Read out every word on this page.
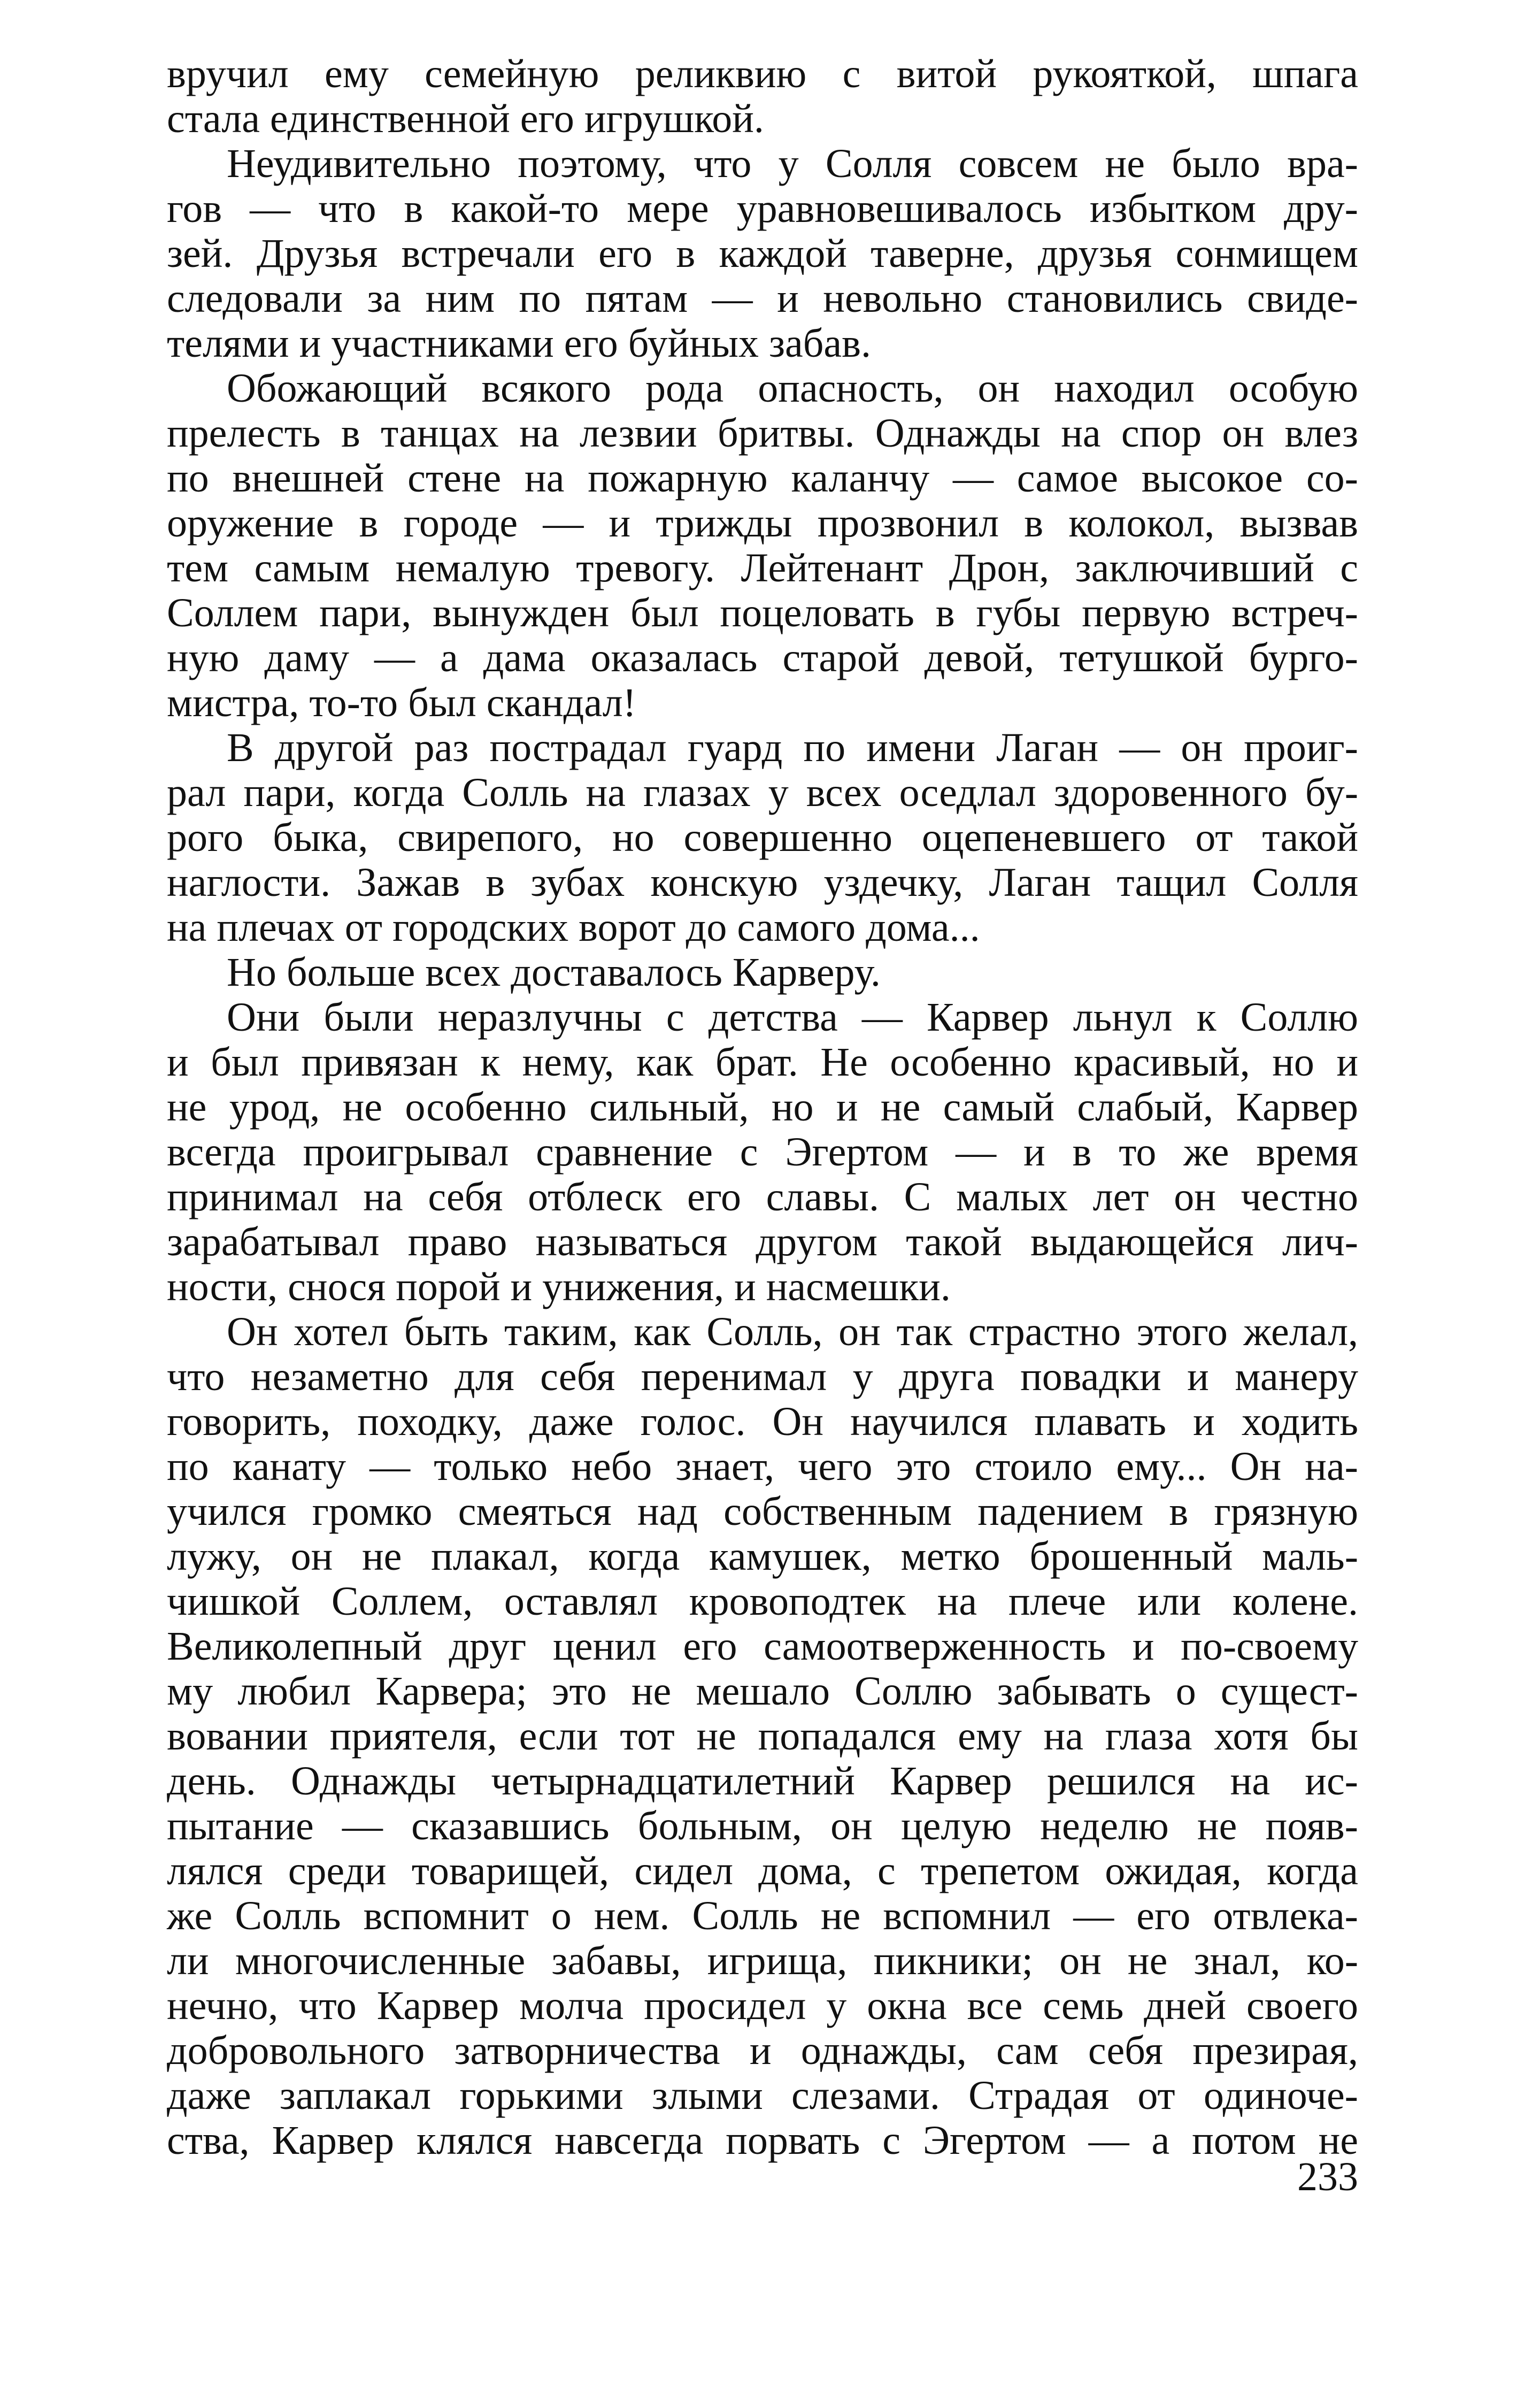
вручил ему семейную реликвию с витой рукояткой, шпага
стала единственной его игрушкой.
Неудивительно поэтому, что у Солля совсем не было вра-
гов — что в какой-то мере уравновешивалось избытком дру-
зей. Друзья встречали его в каждой таверне, друзья сонмищем
следовали за ним по пятам — и невольно становились свиде-
телями и участниками его буйных забав.
Обожающий всякого рода опасность, он находил особую
прелесть в танцах на лезвии бритвы. Однажды на спор он влез
по внешней стене на пожарную каланчу — самое высокое со-
оружение в городе — и трижды прозвонил в колокол, вызвав
тем самым немалую тревогу. Лейтенант Дрон, заключивший с
Соллем пари, вынужден был поцеловать в губы первую встреч-
ную даму — а дама оказалась старой девой, тетушкой бурго-
мистра, то-то был скандал!
В другой раз пострадал гуард по имени Лаган — он проиг-
рал пари, когда Солль на глазах у всех оседлал здоровенного бу-
рого быка, свирепого, но совершенно оцепеневшего от такой
наглости. Зажав в зубах конскую уздечку, Лаган тащил Солля
на плечах от городских ворот до самого дома...
Но больше всех доставалось Карверу.
Они были неразлучны с детства — Карвер льнул к Соллю
и был привязан к нему, как брат. Не особенно красивый, но и
не урод, не особенно сильный, но и не самый слабый, Карвер
всегда проигрывал сравнение с Эгертом — и в то же время
принимал на себя отблеск его славы. С малых лет он честно
зарабатывал право называться другом такой выдающейся лич-
ности, снося порой и унижения, и насмешки.
Он хотел быть таким, как Солль, он так страстно этого желал,
что незаметно для себя перенимал у друга повадки и манеру
говорить, походку, даже голос. Он научился плавать и ходить
по канату — только небо знает, чего это стоило ему... Он на-
учился громко смеяться над собственным падением в грязную
лужу, он не плакал, когда камушек, метко брошенный маль-
чишкой Соллем, оставлял кровоподтек на плече или колене.
Великолепный друг ценил его самоотверженность и по-своему
му любил Карвера; это не мешало Соллю забывать о сущест-
вовании приятеля, если тот не попадался ему на глаза хотя бы
день. Однажды четырнадцатилетний Карвер решился на ис-
пытание — сказавшись больным, он целую неделю не появ-
лялся среди товарищей, сидел дома, с трепетом ожидая, когда
же Солль вспомнит о нем. Солль не вспомнил — его отвлека-
ли многочисленные забавы, игрища, пикники; он не знал, ко-
нечно, что Карвер молча просидел у окна все семь дней своего
добровольного затворничества и однажды, сам себя презирая,
даже заплакал горькими злыми слезами. Страдая от одиноче-
ства, Карвер клялся навсегда порвать с Эгертом — а потом не
233
